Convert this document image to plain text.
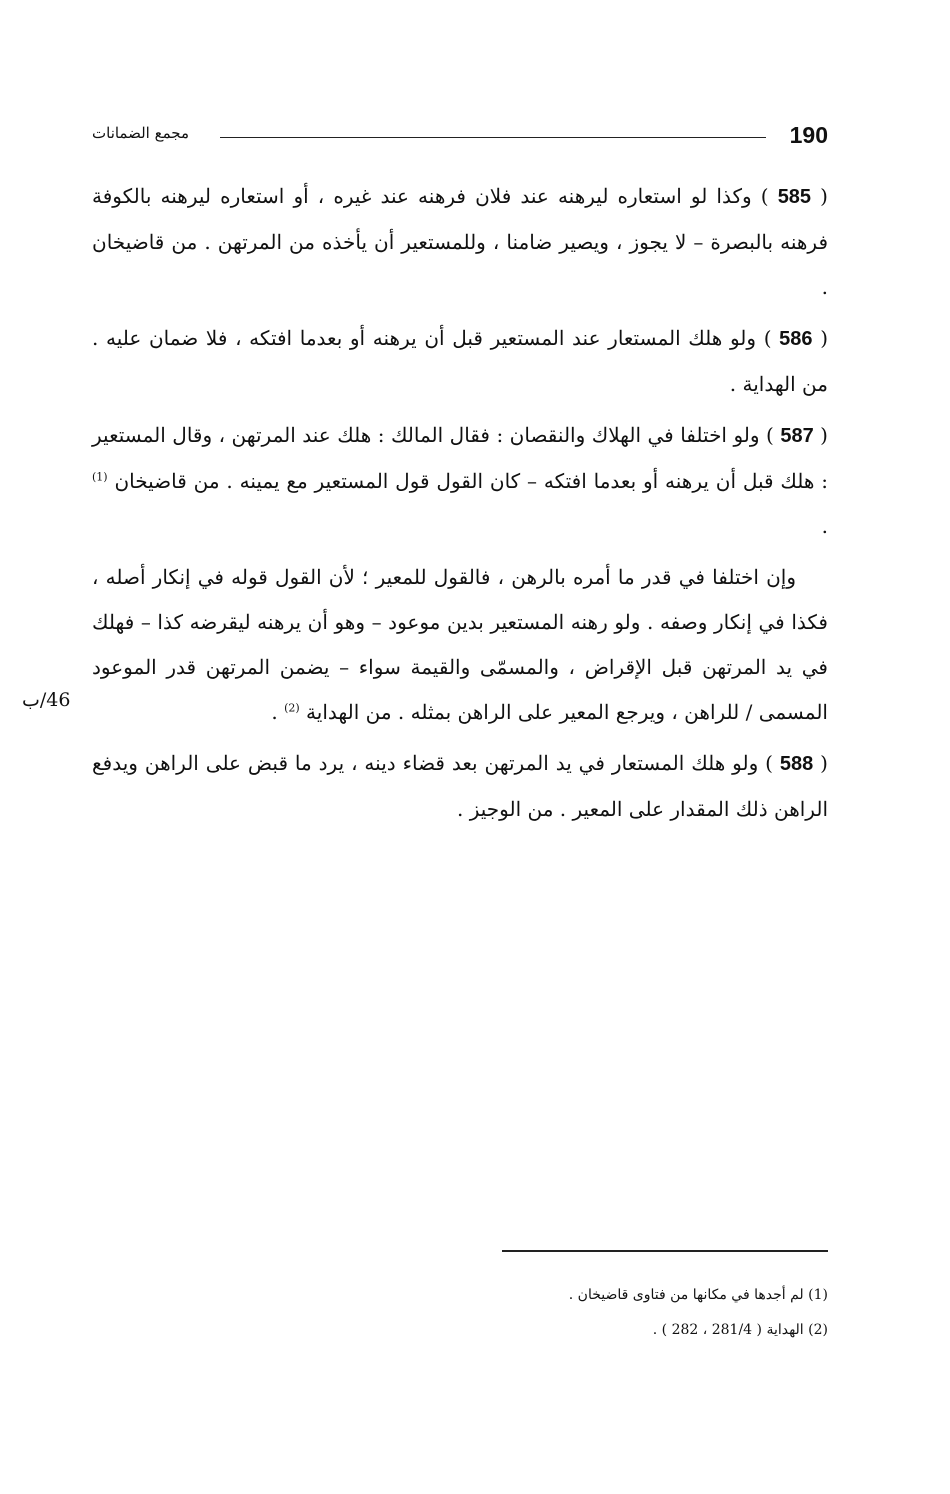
مجمع الضمانات	190

( 585 ) وكذا لو استعاره ليرهنه عند فلان فرهنه عند غيره ، أو استعاره ليرهنه بالكوفة فرهنه بالبصرة – لا يجوز ، ويصير ضامنا ، وللمستعير أن يأخذه من المرتهن . من قاضيخان .

( 586 ) ولو هلك المستعار عند المستعير قبل أن يرهنه أو بعدما افتكه ، فلا ضمان عليه . من الهداية .

( 587 ) ولو اختلفا في الهلاك والنقصان : فقال المالك : هلك عند المرتهن ، وقال المستعير : هلك قبل أن يرهنه أو بعدما افتكه – كان القول قول المستعير مع يمينه . من قاضيخان $^{(1)}$ .

وإن اختلفا في قدر ما أمره بالرهن ، فالقول للمعير ؛ لأن القول قوله في إنكار أصله ، فكذا في إنكار وصفه . ولو رهنه المستعير بدين موعود – وهو أن يرهنه ليقرضه كذا – فهلك في يد المرتهن قبل الإقراض ، والمسمّى والقيمة سواء – يضمن المرتهن قدر الموعود المسمى / للراهن ، ويرجع المعير على الراهن بمثله . من الهداية $^{(2)}$ .

( 588 ) ولو هلك المستعار في يد المرتهن بعد قضاء دينه ، يرد ما قبض على الراهن ويدفع الراهن ذلك المقدار على المعير . من الوجيز .

46/ب
(1) لم أجدها في مكانها من فتاوى قاضيخان .
(2) الهداية ( 281/4 ، 282 ) .
